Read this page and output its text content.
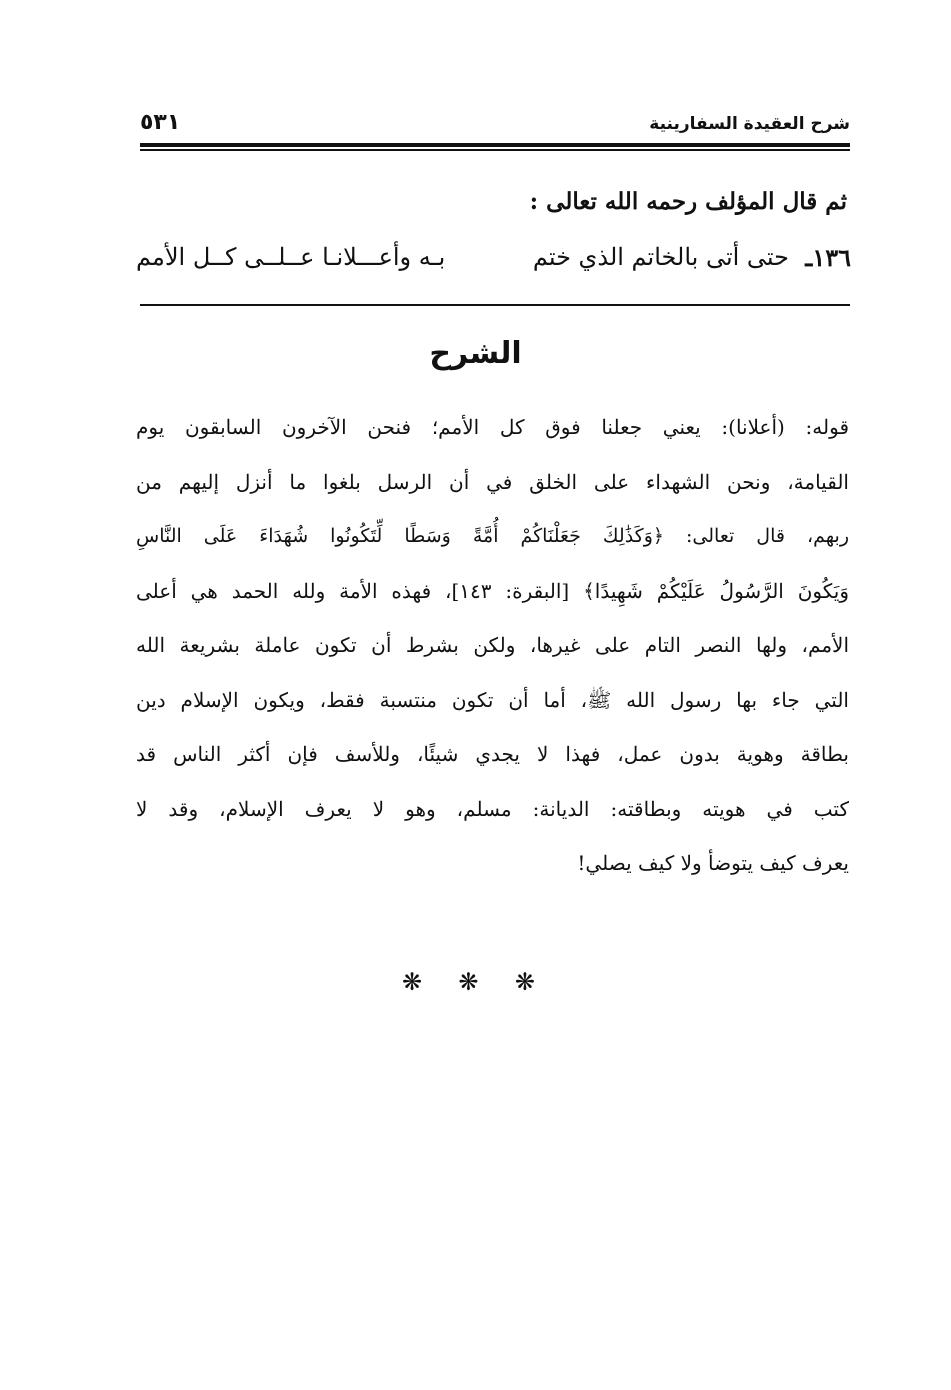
شرح العقيدة السفارينية
٥٣١
ثم قال المؤلف رحمه الله تعالى :
١٣٦ـ
حتى أتى بالخاتم الذي ختم
بـه وأعـــلانـا عــلــى كــل الأمم
الشرح
قوله: (أعلانا): يعني جعلنا فوق كل الأمم؛ فنحن الآخرون السابقون يوم
القيامة، ونحن الشهداء على الخلق في أن الرسل بلغوا ما أنزل إليهم من
ربهم، قال تعالى: ﴿وَكَذَٰلِكَ جَعَلْنَاكُمْ أُمَّةً وَسَطًا لِّتَكُونُوا شُهَدَاءَ عَلَى النَّاسِ
وَيَكُونَ الرَّسُولُ عَلَيْكُمْ شَهِيدًا﴾ [البقرة: ١٤٣]، فهذه الأمة ولله الحمد هي أعلى
الأمم، ولها النصر التام على غيرها، ولكن بشرط أن تكون عاملة بشريعة الله
التي جاء بها رسول الله ﷺ، أما أن تكون منتسبة فقط، ويكون الإسلام دين
بطاقة وهوية بدون عمل، فهذا لا يجدي شيئًا، وللأسف فإن أكثر الناس قد
كتب في هويته وبطاقته: الديانة: مسلم، وهو لا يعرف الإسلام، وقد لا
يعرف كيف يتوضأ ولا كيف يصلي!
❋ ❋ ❋
